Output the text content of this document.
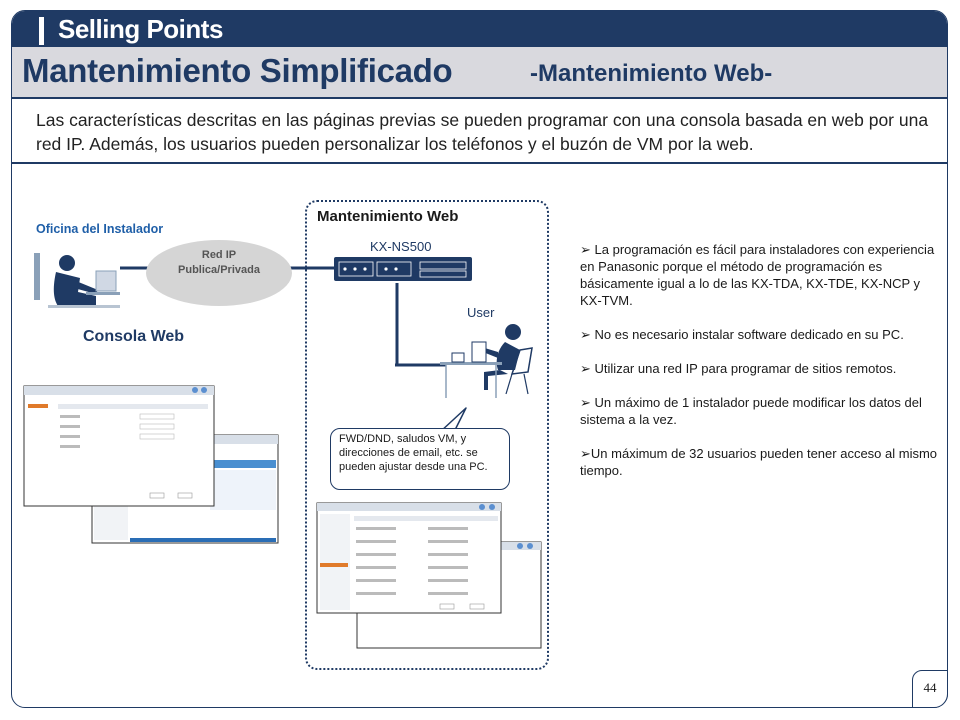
Selling Points
Mantenimiento Simplificado	-Mantenimiento Web-
Las características descritas en las páginas previas se pueden programar con una consola basada en web por una red IP. Además, los usuarios pueden personalizar los teléfonos y el buzón de VM por la web.
Mantenimiento Web
Oficina del Instalador
KX-NS500
User
Consola Web
Red IP Publica/Privada
FWD/DND, saludos VM, y direcciones de email, etc. se pueden ajustar desde una PC.
➢ La programación es fácil para instaladores con experiencia en Panasonic porque el método de programación es básicamente igual a lo de las KX-TDA, KX-TDE, KX-NCP y KX-TVM.
➢ No es necesario instalar software dedicado en su PC.
➢ Utilizar una red IP para programar de sitios remotos.
➢ Un máximo de 1 instalador puede modificar los datos del sistema a la vez.
➢Un máximum de 32 usuarios pueden tener acceso al mismo tiempo.
44
